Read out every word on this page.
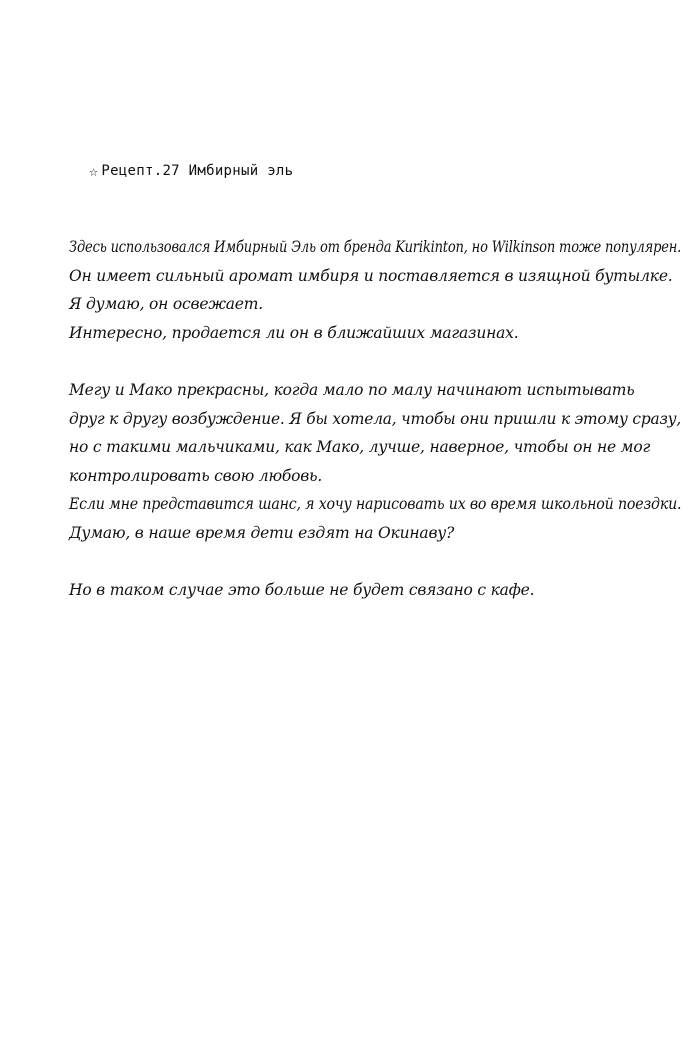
☆ Рецепт.27 Имбирный эль

Здесь использовался Имбирный Эль от бренда Kurikinton, но Wilkinson тоже популярен.
Он имеет сильный аромат имбиря и поставляется в изящной бутылке.
Я думаю, он освежает.
Интересно, продается ли он в ближайших магазинах.

Мегу и Мако прекрасны, когда мало по малу начинают испытывать
друг к другу возбуждение. Я бы хотела, чтобы они пришли к этому сразу,
но с такими мальчиками, как Мако, лучше, наверное, чтобы он не мог
контролировать свою любовь.
Если мне представится шанс, я хочу нарисовать их во время школьной поездки.
Думаю, в наше время дети ездят на Окинаву?

Но в таком случае это больше не будет связано с кафе.
